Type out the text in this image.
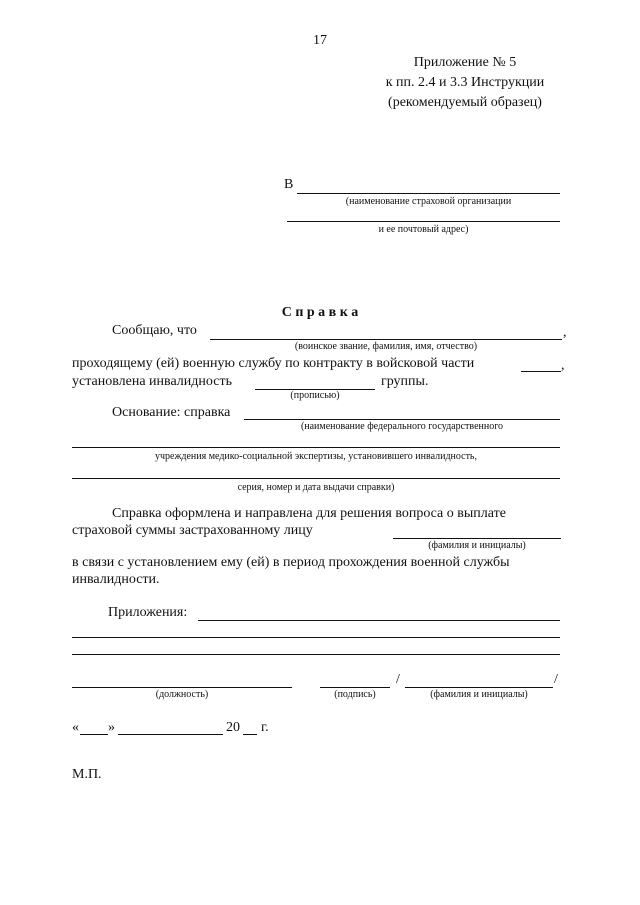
17
Приложение № 5
к пп. 2.4 и 3.3 Инструкции
(рекомендуемый образец)
В
(наименование страховой организации
и ее почтовый адрес)
С п р а в к а
Сообщаю, что	,
(воинское звание, фамилия, имя, отчество)
проходящему (ей) военную службу по контракту в войсковой части	,
установлена инвалидность	группы.
(прописью)
Основание: справка
(наименование федерального государственного
учреждения медико-социальной экспертизы, установившего инвалидность,
серия, номер и дата выдачи справки)
Справка оформлена и направлена для решения вопроса о выплате
страховой суммы застрахованному лицу
(фамилия и инициалы)
в связи с установлением ему (ей) в период прохождения военной службы
инвалидности.
Приложения:
(должность)	(подпись)
/	/
(фамилия и инициалы)
« »	20 г.
М.П.
